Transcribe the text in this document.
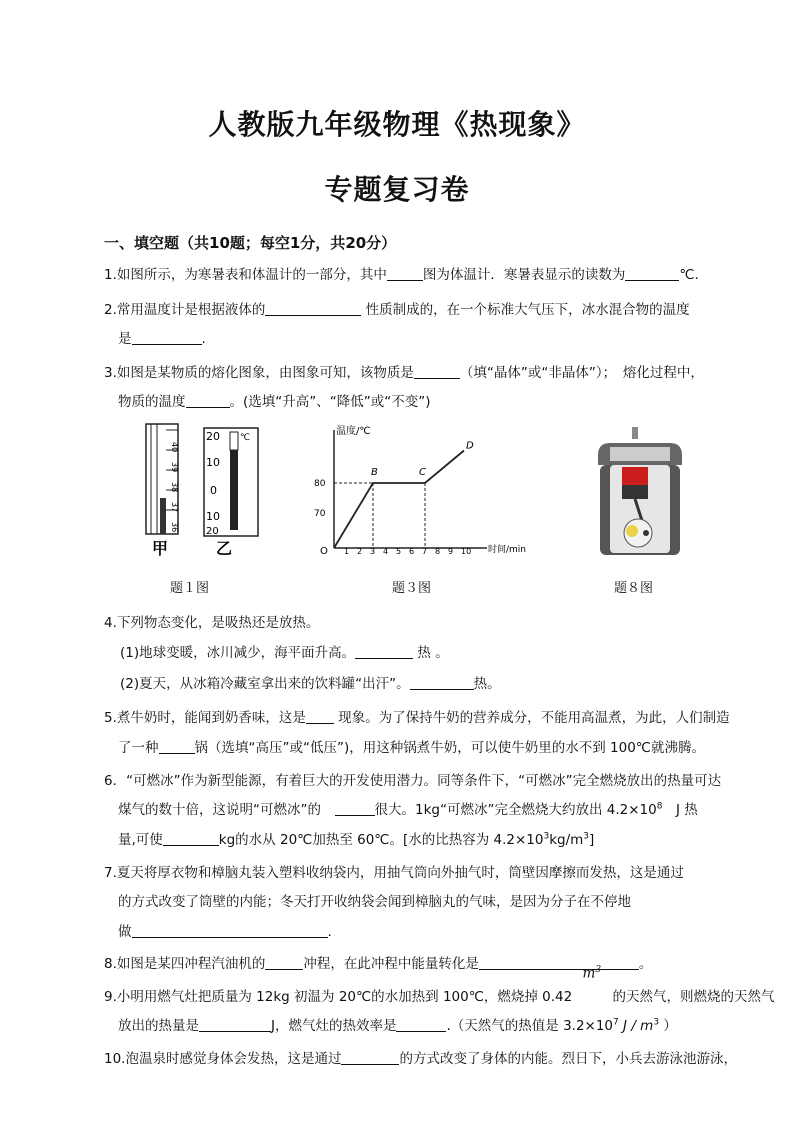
人教版九年级物理《热现象》
专题复习卷
一、填空题（共10题；每空1分，共20分）
1.如图所示，为寒暑表和体温计的一部分，其中	图为体温计．寒暑表显示的读数为	℃.
2.常用温度计是根据液体的	性质制成的，在一个标准大气压下，冰水混合物的温度
是	.
3.如图是某物质的熔化图象，由图象可知，该物质是	（填“晶体”或“非晶体”）；　熔化过程中，
物质的温度	。(选填“升高”、“降低”或“不变”)
40
39
38
37
36
20
10
0
10
20
℃
甲	乙
温度/℃
时间/min
O
80
70
1 2 3 4 5 6 7 8 9 10
B	C
D
题１图	题３图	题８图
4.下列物态变化，是吸热还是放热。
(1)地球变暖，冰川减少，海平面升高。	热 。
(2)夏天，从冰箱冷藏室拿出来的饮料罐“出汗”。	热。
5.煮牛奶时，能闻到奶香味，这是 现象。为了保持牛奶的营养成分，不能用高温煮，为此，人们制造
了一种	锅（选填“高压”或“低压”)，用这种锅煮牛奶，可以使牛奶里的水不到 100℃就沸腾。
6．“可燃冰”作为新型能源，有着巨大的开发使用潜力。同等条件下，“可燃冰”完全燃烧放出的热量可达
煤气的数十倍，这说明“可燃冰”的　	很大。1kg“可燃冰”完全燃烧大约放出 $4.2\times 10^8$　J 热
量,可使	kg的水从 20℃加热至 60℃。[水的比热容为 $4.2\times 10^3kg/m^3$]
7.夏天将厚衣物和樟脑丸装入塑料收纳袋内，用抽气筒向外抽气时，筒壁因摩擦而发热，这是通过
的方式改变了筒壁的内能；冬天打开收纳袋会闻到樟脑丸的气味，是因为分子在不停地
做	.
8.如图是某四冲程汽油机的	冲程，在此冲程中能量转化是	。
9.小明用燃气灶把质量为 12kg 初温为 20℃的水加热到 100℃，燃烧掉 0.42
$m^3$
的天然气，则燃烧的天然气
放出的热量是	J，燃气灶的热效率是	.（天然气的热值是 $3.2\times 10^7$ J / $m^3$ ）
10.泡温泉时感觉身体会发热，这是通过	的方式改变了身体的内能。烈日下，小兵去游泳池游泳，
